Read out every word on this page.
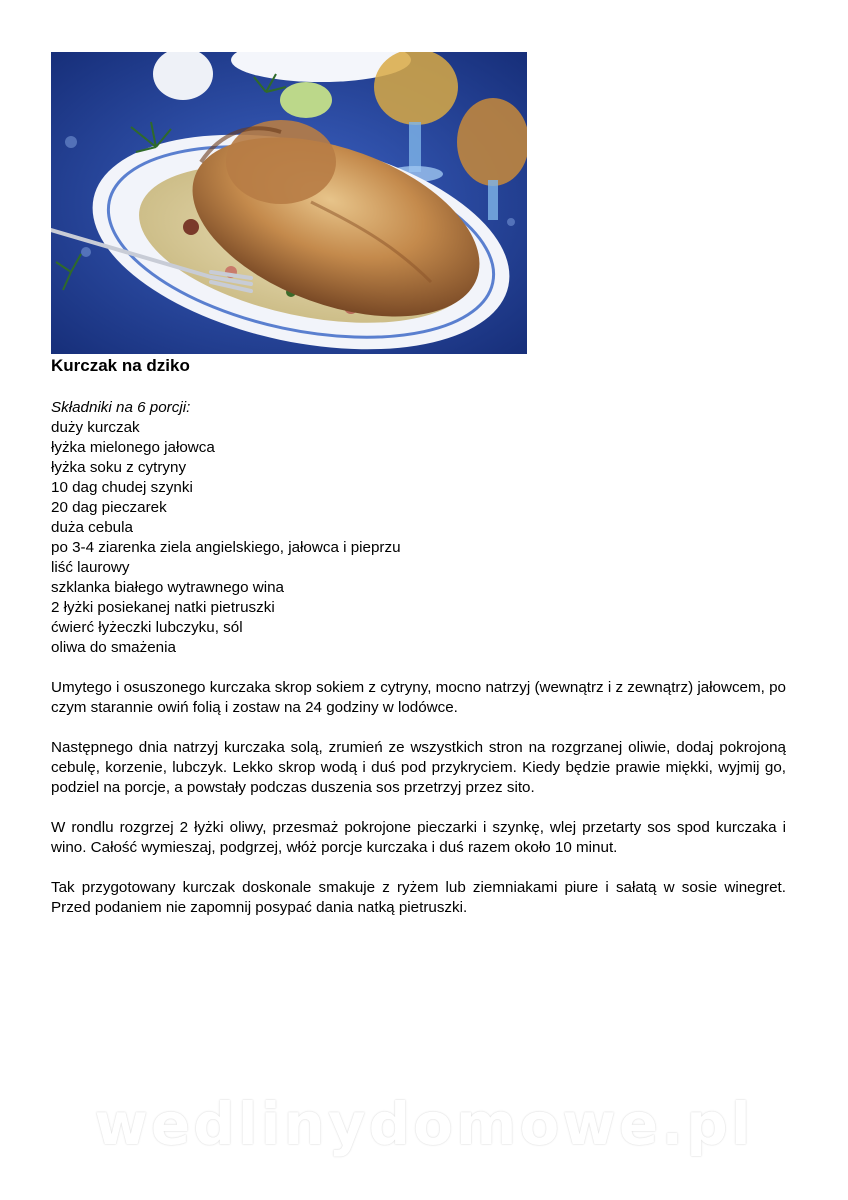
Kurczak na dziko
Składniki na 6 porcji:
duży kurczak
łyżka mielonego jałowca
łyżka soku z cytryny
10 dag chudej szynki
20 dag pieczarek
duża cebula
po 3-4 ziarenka ziela angielskiego, jałowca i pieprzu
liść laurowy
szklanka białego wytrawnego wina
2 łyżki posiekanej natki pietruszki
ćwierć łyżeczki lubczyku, sól
oliwa do smażenia

Umytego i osuszonego kurczaka skrop sokiem z cytryny, mocno natrzyj (wewnątrz i z zewnątrz) jałowcem, po czym starannie owiń folią i zostaw na 24 godziny w lodówce.

Następnego dnia natrzyj kurczaka solą, zrumień ze wszystkich stron na rozgrzanej oliwie, dodaj pokrojoną cebulę, korzenie, lubczyk. Lekko skrop wodą i duś pod przykryciem. Kiedy będzie prawie miękki, wyjmij go, podziel na porcje, a powstały podczas duszenia sos przetrzyj przez sito.

W rondlu rozgrzej 2 łyżki oliwy, przesmaż pokrojone pieczarki i szynkę, wlej przetarty sos spod kurczaka i wino. Całość wymieszaj, podgrzej, włóż porcje kurczaka i duś razem około 10 minut.

Tak przygotowany kurczak doskonale smakuje z ryżem lub ziemniakami piure i sałatą w sosie winegret. Przed podaniem nie zapomnij posypać dania natką pietruszki.

wedlinydomowe.pl
